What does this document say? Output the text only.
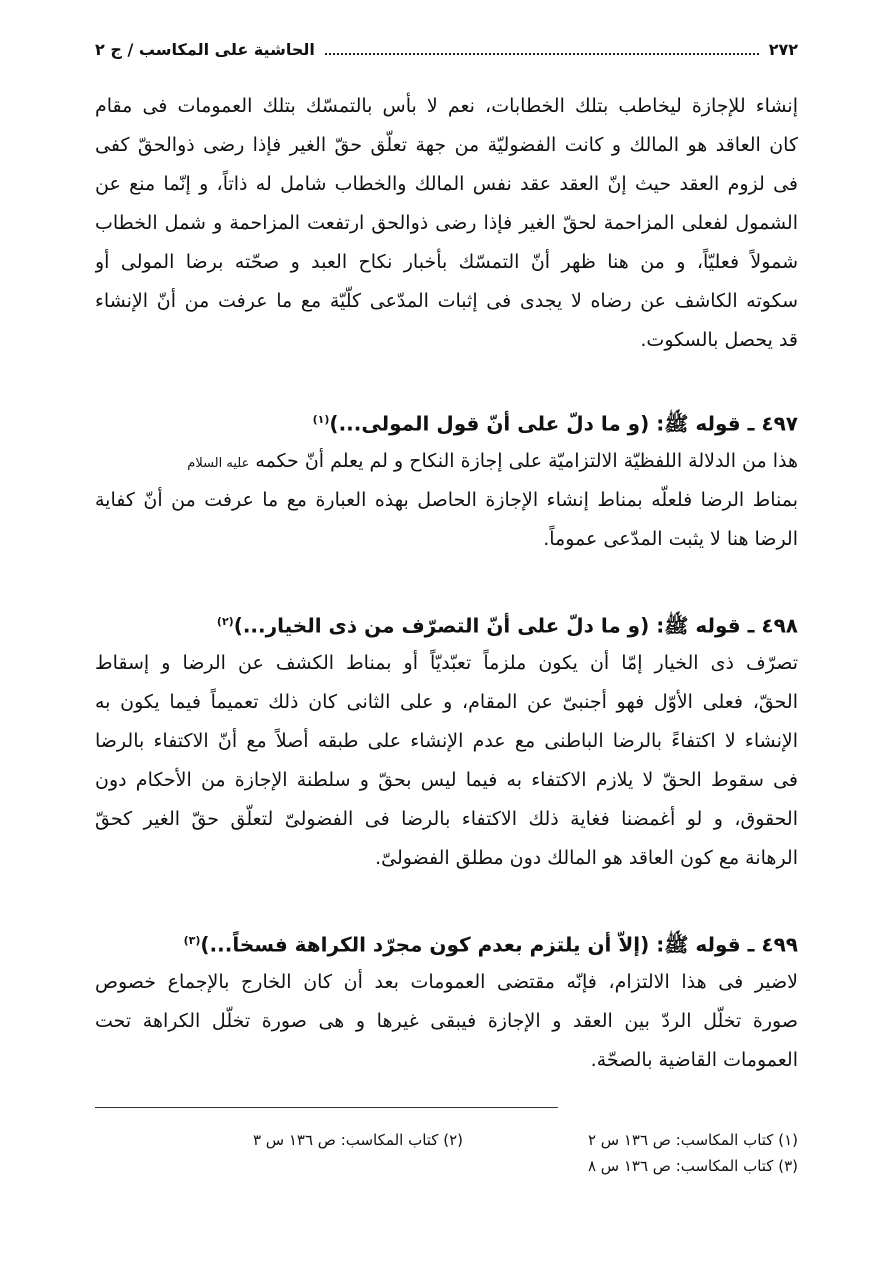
٢٧٢
الحاشية على المكاسب / ج ٢
إنشاء للإجازة ليخاطب بتلك الخطابات، نعم لا بأس بالتمسّك بتلك العمومات فى مقام
كان العاقد هو المالك و كانت الفضوليّة من جهة تعلّق حقّ الغير فإذا رضى ذوالحقّ كفى
فى لزوم العقد حيث إنّ العقد عقد نفس المالك والخطاب شامل له ذاتاً، و إنّما منع عن
الشمول لفعلى المزاحمة لحقّ الغير فإذا رضى ذوالحق ارتفعت المزاحمة و شمل الخطاب
شمولاً فعليّاً، و من هنا ظهر أنّ التمسّك بأخبار نكاح العبد و صحّته برضا المولى أو
سكوته الكاشف عن رضاه لا يجدى فى إثبات المدّعى كلّيّة مع ما عرفت من أنّ الإنشاء
قد يحصل بالسكوت.
٤٩٧ ـ قوله ﷺ: (و ما دلّ على أنّ قول المولى...)$^{(١)}$
هذا من الدلالة اللفظيّة الالتزاميّة على إجازة النكاح و لم يعلم أنّ حكمه عليه السلام
بمناط الرضا فلعلّه بمناط إنشاء الإجازة الحاصل بهذه العبارة مع ما عرفت من أنّ كفاية
الرضا هنا لا يثبت المدّعى عموماً.
٤٩٨ ـ قوله ﷺ: (و ما دلّ على أنّ التصرّف من ذى الخيار...)$^{(٢)}$
تصرّف ذى الخيار إمّا أن يكون ملزماً تعبّديّاً أو بمناط الكشف عن الرضا و إسقاط
الحقّ، فعلى الأوّل فهو أجنبىّ عن المقام، و على الثانى كان ذلك تعميماً فيما يكون به
الإنشاء لا اكتفاءً بالرضا الباطنى مع عدم الإنشاء على طبقه أصلاً مع أنّ الاكتفاء بالرضا
فى سقوط الحقّ لا يلازم الاكتفاء به فيما ليس بحقّ و سلطنة الإجازة من الأحكام دون
الحقوق، و لو أغمضنا فغاية ذلك الاكتفاء بالرضا فى الفضولىّ لتعلّق حقّ الغير كحقّ
الرهانة مع كون العاقد هو المالك دون مطلق الفضولىّ.
٤٩٩ ـ قوله ﷺ: (إلاّ أن يلتزم بعدم كون مجرّد الكراهة فسخاً...)$^{(٣)}$
لاضير فى هذا الالتزام، فإنّه مقتضى العمومات بعد أن كان الخارج بالإجماع خصوص
صورة تخلّل الردّ بين العقد و الإجازة فيبقى غيرها و هى صورة تخلّل الكراهة تحت
العمومات القاضية بالصحّة.
(١) كتاب المكاسب: ص ١٣٦ س ٢
(٢) كتاب المكاسب: ص ١٣٦ س ٣
(٣) كتاب المكاسب: ص ١٣٦ س ٨
